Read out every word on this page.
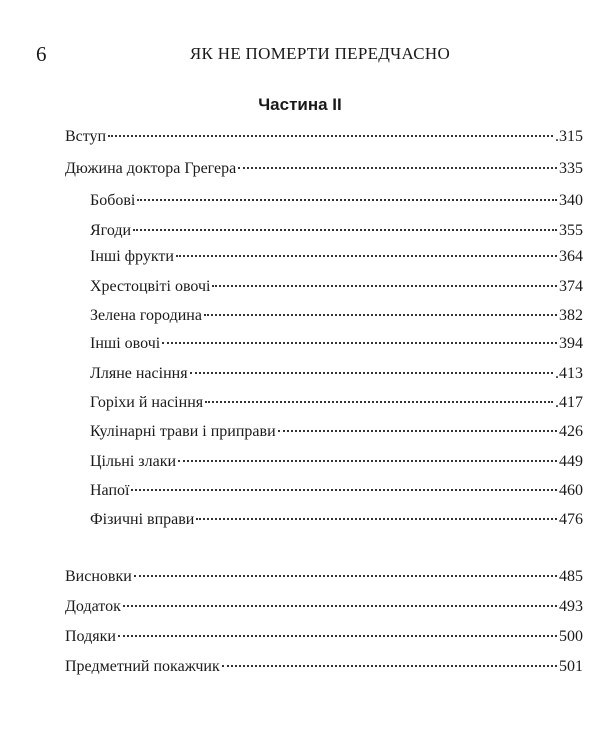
6	ЯК НЕ ПОМЕРТИ ПЕРЕДЧАСНО
Частина II
Вступ	.315
Дюжина доктора Грегера	335
Бобові	340
Ягоди	355
Інші фрукти	364
Хрестоцвіті овочі	374
Зелена городина	382
Інші овочі	394
Лляне насіння	.413
Горіхи й насіння	.417
Кулінарні трави і приправи	426
Цільні злаки	449
Напої	460
Фізичні вправи	476
Висновки	485
Додаток	493
Подяки	500
Предметний покажчик	501
